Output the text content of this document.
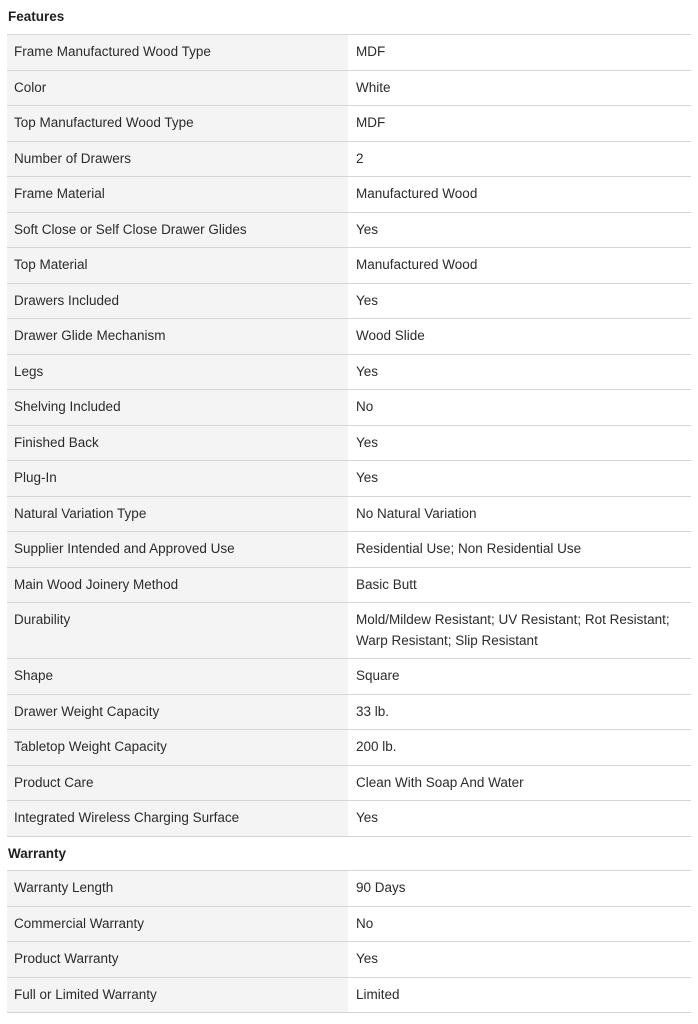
Features
Frame Manufactured Wood Type	MDF
Color	White
Top Manufactured Wood Type	MDF
Number of Drawers	2
Frame Material	Manufactured Wood
Soft Close or Self Close Drawer Glides	Yes
Top Material	Manufactured Wood
Drawers Included	Yes
Drawer Glide Mechanism	Wood Slide
Legs	Yes
Shelving Included	No
Finished Back	Yes
Plug-In	Yes
Natural Variation Type	No Natural Variation
Supplier Intended and Approved Use	Residential Use; Non Residential Use
Main Wood Joinery Method	Basic Butt
Durability	Mold/Mildew Resistant; UV Resistant; Rot Resistant; Warp Resistant; Slip Resistant
Shape	Square
Drawer Weight Capacity	33 lb.
Tabletop Weight Capacity	200 lb.
Product Care	Clean With Soap And Water
Integrated Wireless Charging Surface	Yes
Warranty
Warranty Length	90 Days
Commercial Warranty	No
Product Warranty	Yes
Full or Limited Warranty	Limited
